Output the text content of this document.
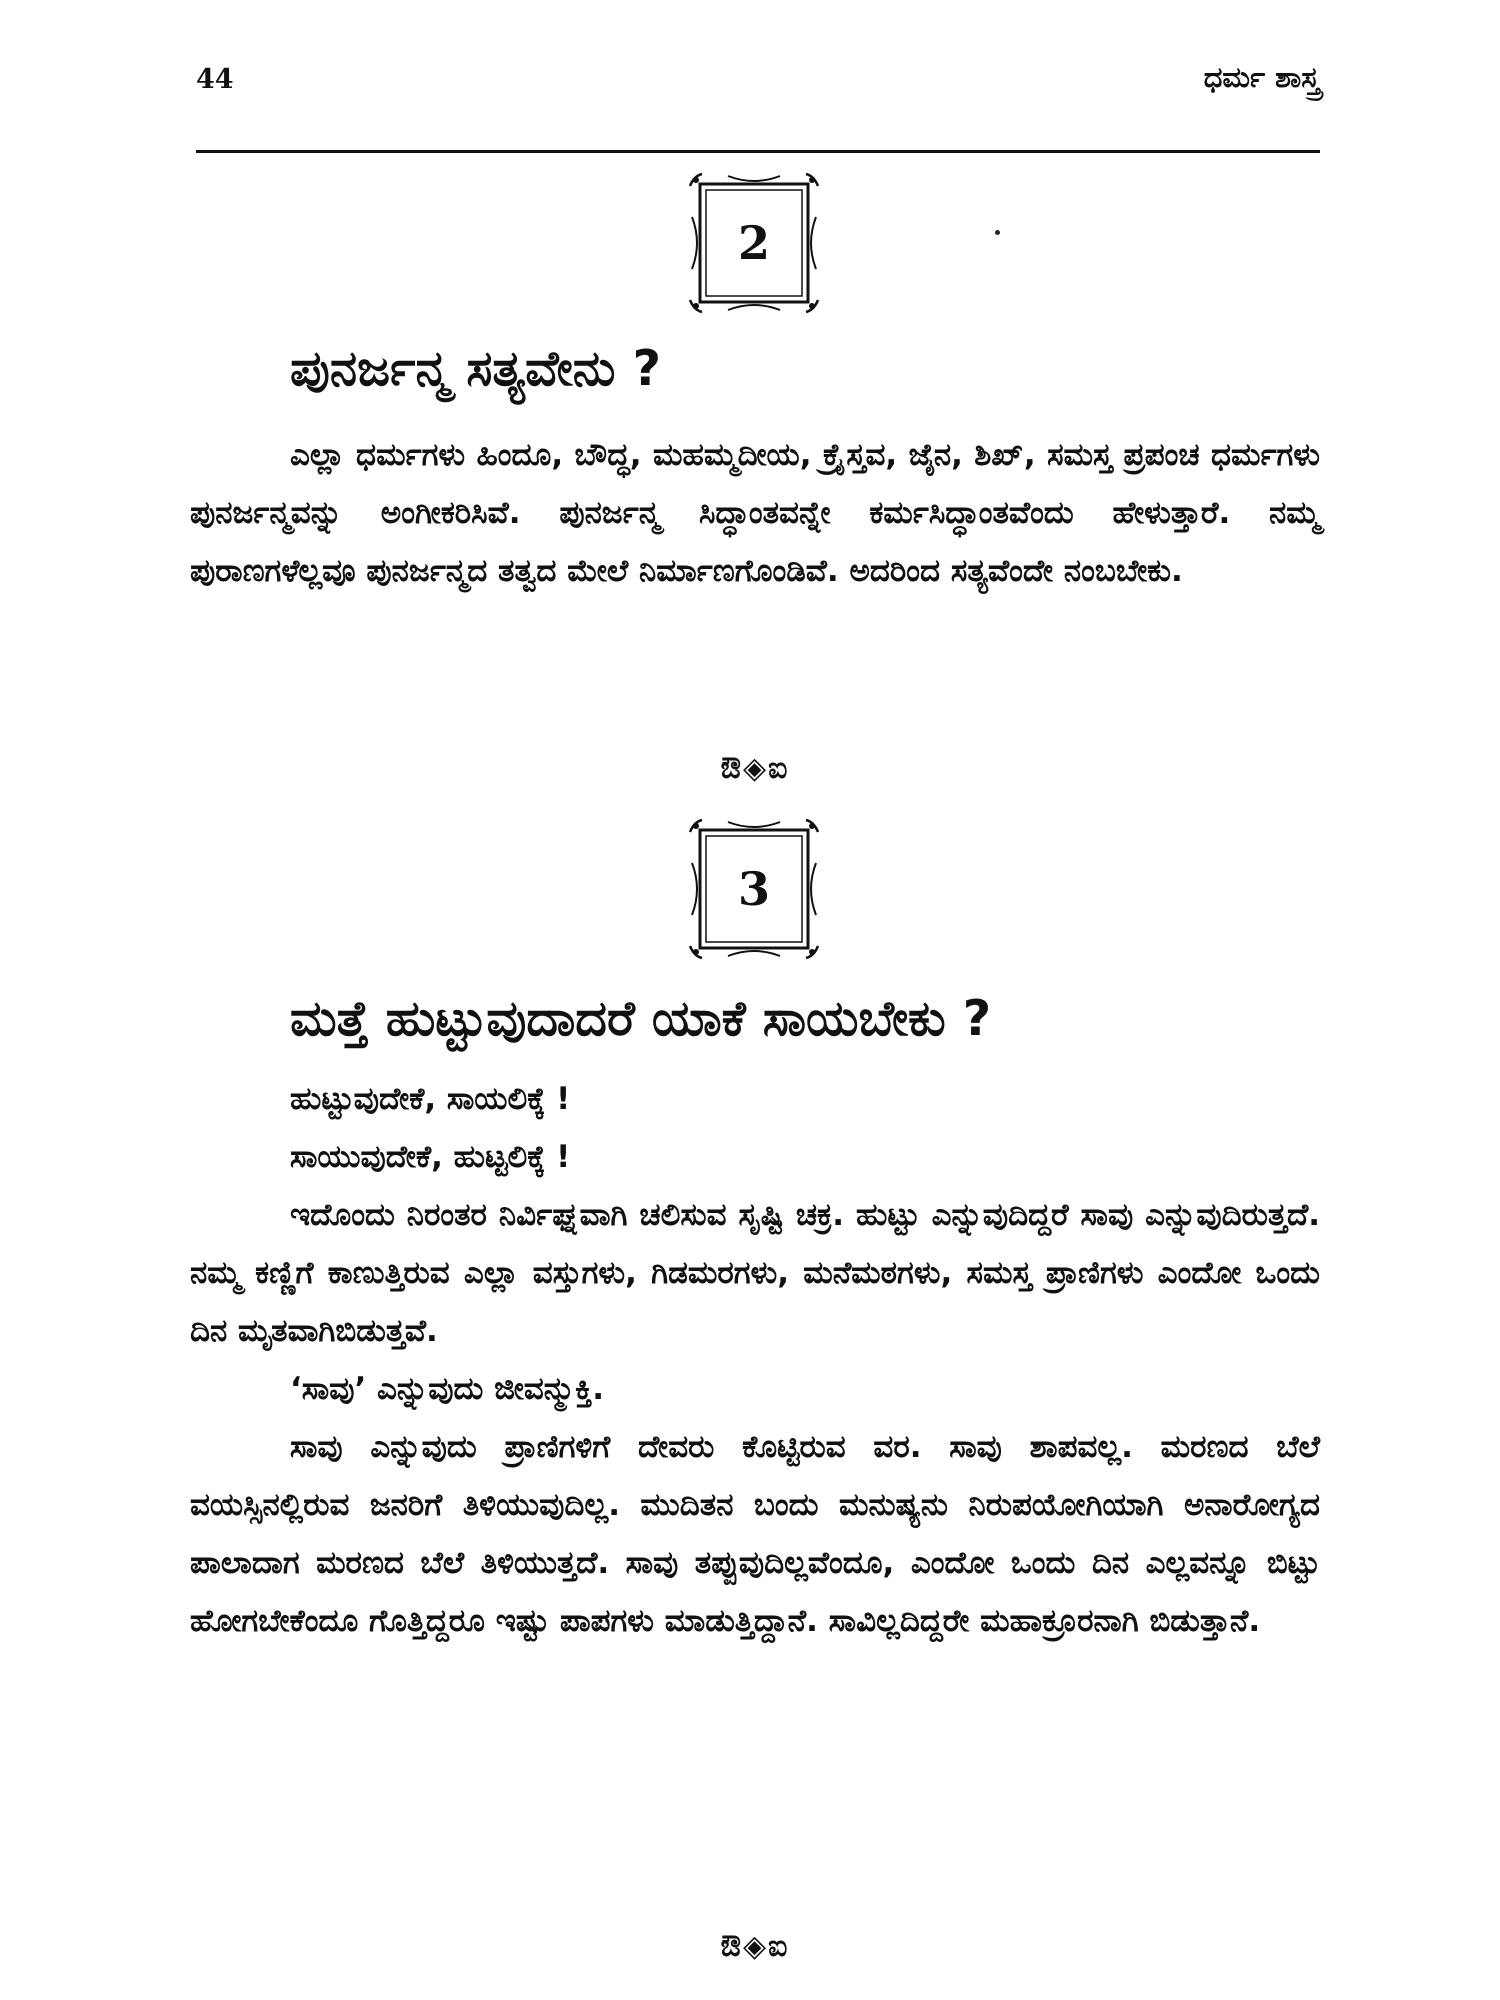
44	ಧರ್ಮ ಶಾಸ್ತ್ರ
2
ಪುನರ್ಜನ್ಮ ಸತ್ಯವೇನು ?

ಎಲ್ಲಾ ಧರ್ಮಗಳು ಹಿಂದೂ, ಬೌದ್ಧ, ಮಹಮ್ಮದೀಯ, ಕ್ರೈಸ್ತವ, ಜೈನ, ಶಿಖ್, ಸಮಸ್ತ ಪ್ರಪಂಚ ಧರ್ಮಗಳು ಪುನರ್ಜನ್ಮವನ್ನು ಅಂಗೀಕರಿಸಿವೆ. ಪುನರ್ಜನ್ಮ ಸಿದ್ಧಾಂತವನ್ನೇ ಕರ್ಮಸಿದ್ಧಾಂತವೆಂದು ಹೇಳುತ್ತಾರೆ. ನಮ್ಮ ಪುರಾಣಗಳೆಲ್ಲವೂ ಪುನರ್ಜನ್ಮದ ತತ್ವದ ಮೇಲೆ ನಿರ್ಮಾಣಗೊಂಡಿವೆ. ಅದರಿಂದ ಸತ್ಯವೆಂದೇ ನಂಬಬೇಕು.

ಔ◈ಐ
3
ಮತ್ತೆ ಹುಟ್ಟುವುದಾದರೆ ಯಾಕೆ ಸಾಯಬೇಕು ?

ಹುಟ್ಟುವುದೇಕೆ, ಸಾಯಲಿಕ್ಕೆ !

ಸಾಯುವುದೇಕೆ, ಹುಟ್ಟಲಿಕ್ಕೆ !

ಇದೊಂದು ನಿರಂತರ ನಿರ್ವಿಘ್ನವಾಗಿ ಚಲಿಸುವ ಸೃಷ್ಟಿ ಚಕ್ರ. ಹುಟ್ಟು ಎನ್ನುವುದಿದ್ದರೆ ಸಾವು ಎನ್ನುವುದಿರುತ್ತದೆ. ನಮ್ಮ ಕಣ್ಣಿಗೆ ಕಾಣುತ್ತಿರುವ ಎಲ್ಲಾ ವಸ್ತುಗಳು, ಗಿಡಮರಗಳು, ಮನೆಮಠಗಳು, ಸಮಸ್ತ ಪ್ರಾಣಿಗಳು ಎಂದೋ ಒಂದು ದಿನ ಮೃತವಾಗಿಬಿಡುತ್ತವೆ.

‘ಸಾವು’ ಎನ್ನುವುದು ಜೀವನ್ಮುಕ್ತಿ.

ಸಾವು ಎನ್ನುವುದು ಪ್ರಾಣಿಗಳಿಗೆ ದೇವರು ಕೊಟ್ಟಿರುವ ವರ. ಸಾವು ಶಾಪವಲ್ಲ. ಮರಣದ ಬೆಲೆ ವಯಸ್ಸಿನಲ್ಲಿರುವ ಜನರಿಗೆ ತಿಳಿಯುವುದಿಲ್ಲ. ಮುದಿತನ ಬಂದು ಮನುಷ್ಯನು ನಿರುಪಯೋಗಿಯಾಗಿ ಅನಾರೋಗ್ಯದ ಪಾಲಾದಾಗ ಮರಣದ ಬೆಲೆ ತಿಳಿಯುತ್ತದೆ. ಸಾವು ತಪ್ಪುವುದಿಲ್ಲವೆಂದೂ, ಎಂದೋ ಒಂದು ದಿನ ಎಲ್ಲವನ್ನೂ ಬಿಟ್ಟು ಹೋಗಬೇಕೆಂದೂ ಗೊತ್ತಿದ್ದರೂ ಇಷ್ಟು ಪಾಪಗಳು ಮಾಡುತ್ತಿದ್ದಾನೆ. ಸಾವಿಲ್ಲದಿದ್ದರೇ ಮಹಾಕ್ರೂರನಾಗಿ ಬಿಡುತ್ತಾನೆ.

ಔ◈ಐ
